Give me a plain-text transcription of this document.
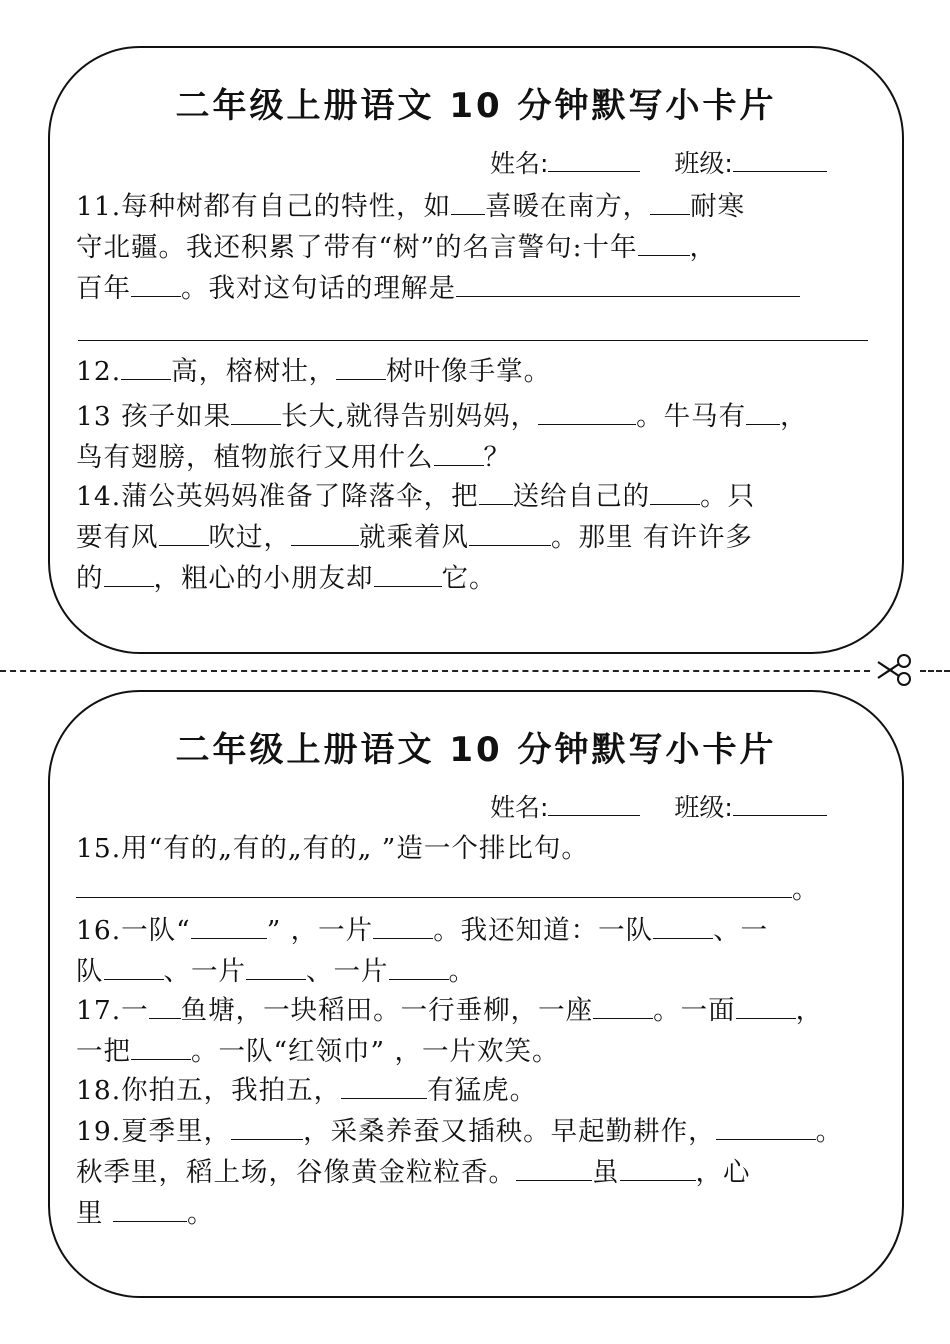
二年级上册语文 10 分钟默写小卡片
姓名:	班级:
11.每种树都有自己的特性，如 喜暖在南方， 耐寒
守北疆。我还积累了带有“树”的名言警句:十年 ，
百年 。我对这句话的理解是
12. 高，榕树壮， 树叶像手掌。
13 孩子如果 长大,就得告别妈妈，	。牛马有 ，
鸟有翅膀，植物旅行又用什么 ？
14.蒲公英妈妈准备了降落伞，把 送给自己的 。只
要有风 吹过，	就乘着风	。那里 有许许多
的 ，粗心的小朋友却	它。
二年级上册语文 10 分钟默写小卡片
姓名:	班级:
15.用“有的„有的„有的„ ”造一个排比句。
。
16.一队“	” ，一片 。我还知道：一队 、一
队 、一片 、一片 。
17.一 鱼塘，一块稻田。一行垂柳，一座 。一面 ，
一把 。一队“红领巾” ，一片欢笑。
18.你拍五，我拍五，	有猛虎。
19.夏季里，	，采桑养蚕又插秧。早起勤耕作，	。
秋季里，稻上场，谷像黄金粒粒香。	虽	，心
里	。
